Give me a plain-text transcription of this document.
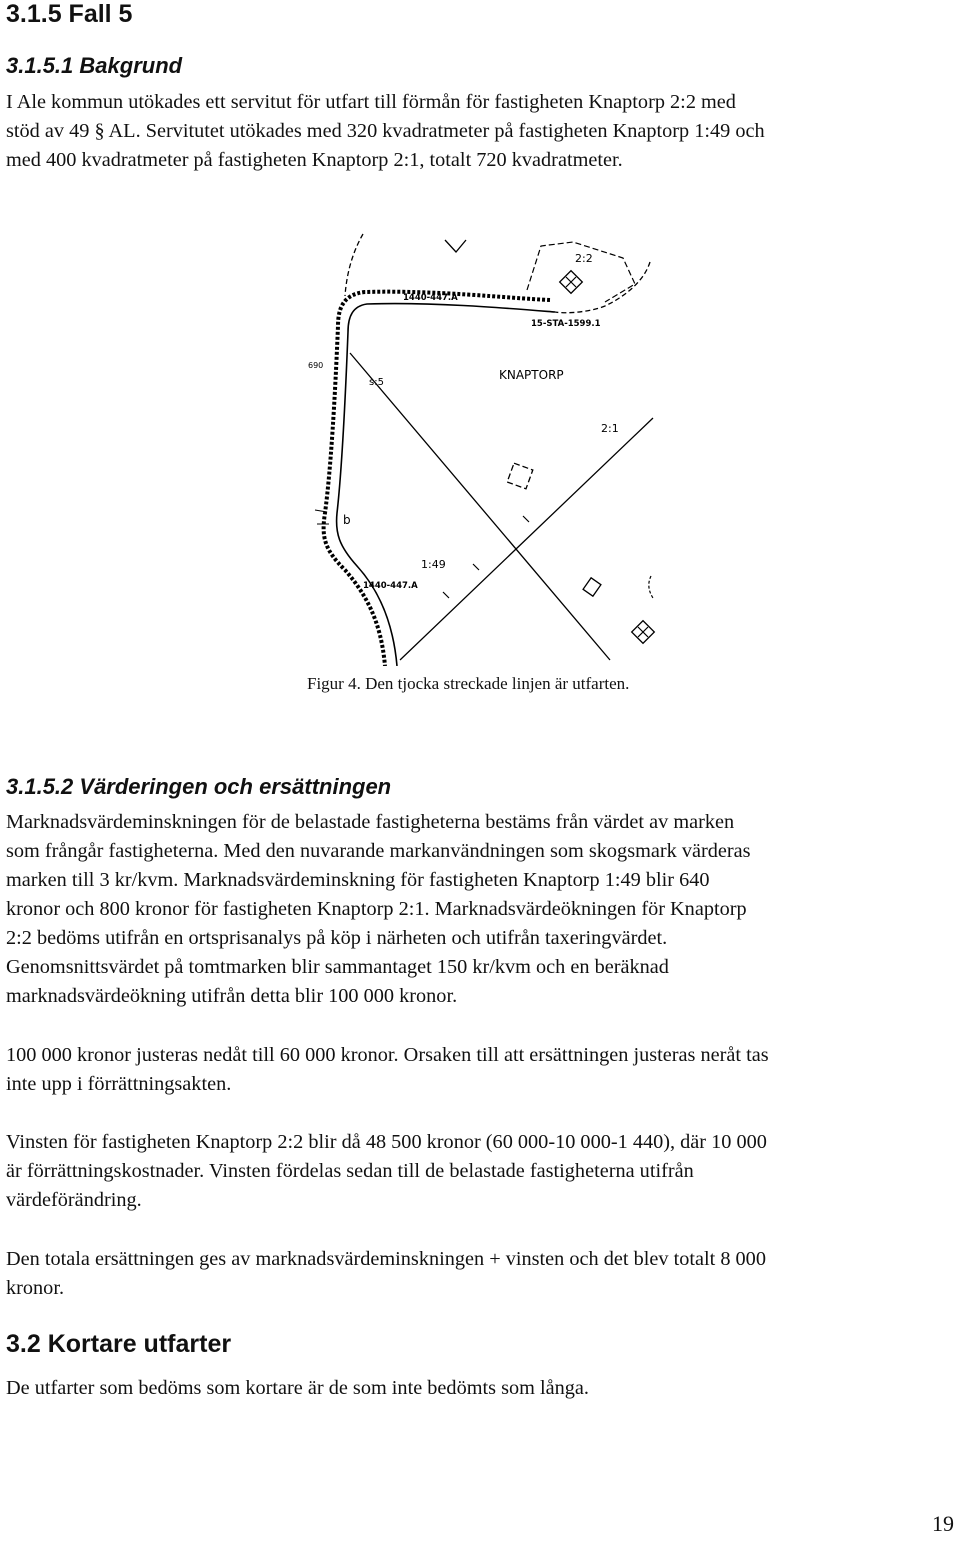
3.1.5 Fall 5
3.1.5.1 Bakgrund

I Ale kommun utökades ett servitut för utfart till förmån för fastigheten Knaptorp 2:2 med
stöd av 49 § AL. Servitutet utökades med 320 kvadratmeter på fastigheten Knaptorp 1:49 och
med 400 kvadratmeter på fastigheten Knaptorp 2:1, totalt 720 kvadratmeter.

2:2
1440-447.A
15-STA-1599.1
690
s:5
KNAPTORP
2:1
b
1:49
1440-447.A

Figur 4. Den tjocka streckade linjen är utfarten.

3.1.5.2 Värderingen och ersättningen

Marknadsvärdeminskningen för de belastade fastigheterna bestäms från värdet av marken
som frångår fastigheterna. Med den nuvarande markanvändningen som skogsmark värderas
marken till 3 kr/kvm. Marknadsvärdeminskning för fastigheten Knaptorp 1:49 blir 640
kronor och 800 kronor för fastigheten Knaptorp 2:1. Marknadsvärdeökningen för Knaptorp
2:2 bedöms utifrån en ortsprisanalys på köp i närheten och utifrån taxeringvärdet.
Genomsnittsvärdet på tomtmarken blir sammantaget 150 kr/kvm och en beräknad
marknadsvärdeökning utifrån detta blir 100 000 kronor.

100 000 kronor justeras nedåt till 60 000 kronor. Orsaken till att ersättningen justeras neråt tas
inte upp i förrättningsakten.

Vinsten för fastigheten Knaptorp 2:2 blir då 48 500 kronor (60 000-10 000-1 440), där 10 000
är förrättningskostnader. Vinsten fördelas sedan till de belastade fastigheterna utifrån
värdeförändring.

Den totala ersättningen ges av marknadsvärdeminskningen + vinsten och det blev totalt 8 000
kronor.

3.2 Kortare utfarter

De utfarter som bedöms som kortare är de som inte bedömts som långa.

19
